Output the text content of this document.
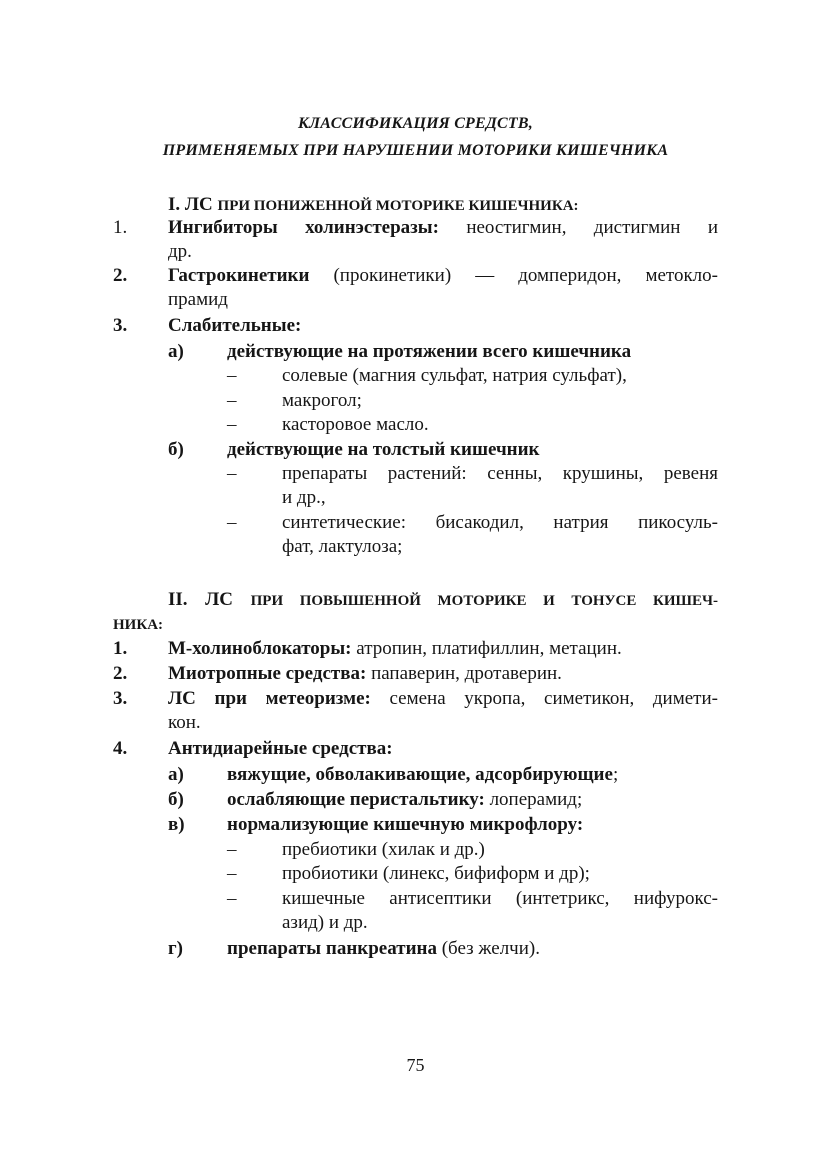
КЛАССИФИКАЦИЯ СРЕДСТВ,
ПРИМЕНЯЕМЫХ ПРИ НАРУШЕНИИ МОТОРИКИ КИШЕЧНИКА
I. ЛС ПРИ ПОНИЖЕННОЙ МОТОРИКЕ КИШЕЧНИКА:
1. Ингибиторы холинэстеразы: неостигмин, дистигмин и
др.
2. Гастрокинетики (прокинетики) — домперидон, метокло-
прамид
3. Слабительные:
а) действующие на протяжении всего кишечника
– солевые (магния сульфат, натрия сульфат),
– макрогол;
– касторовое масло.
б) действующие на толстый кишечник
– препараты растений: сенны, крушины, ревеня
и др.,
– синтетические: бисакодил, натрия пикосуль-
фат, лактулоза;
II. ЛС ПРИ ПОВЫШЕННОЙ МОТОРИКЕ И ТОНУСЕ КИШЕЧ-
НИКА:
1. М-холиноблокаторы: атропин, платифиллин, метацин.
2. Миотропные средства: папаверин, дротаверин.
3. ЛС при метеоризме: семена укропа, симетикон, димети-
кон.
4. Антидиарейные средства:
а) вяжущие, обволакивающие, адсорбирующие;
б) ослабляющие перистальтику: лоперамид;
в) нормализующие кишечную микрофлору:
– пребиотики (хилак и др.)
– пробиотики (линекс, бифиформ и др);
– кишечные антисептики (интетрикс, нифурокс-
азид) и др.
г) препараты панкреатина (без желчи).
75
